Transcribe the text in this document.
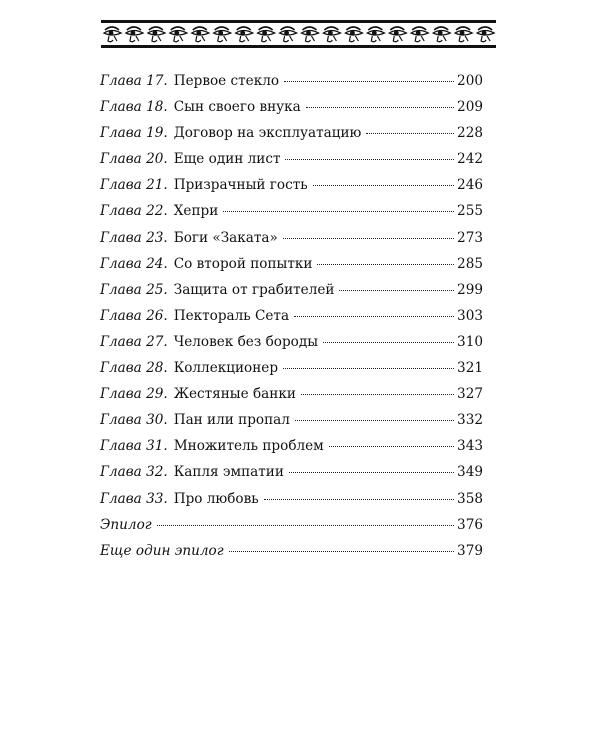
Глава 17. Первое стекло	200
Глава 18. Сын своего внука	209
Глава 19. Договор на эксплуатацию	228
Глава 20. Еще один лист	242
Глава 21. Призрачный гость	246
Глава 22. Хепри	255
Глава 23. Боги «Заката»	273
Глава 24. Со второй попытки	285
Глава 25. Защита от грабителей	299
Глава 26. Пектораль Сета	303
Глава 27. Человек без бороды	310
Глава 28. Коллекционер	321
Глава 29. Жестяные банки	327
Глава 30. Пан или пропал	332
Глава 31. Множитель проблем	343
Глава 32. Капля эмпатии	349
Глава 33. Про любовь	358
Эпилог	376
Еще один эпилог	379
